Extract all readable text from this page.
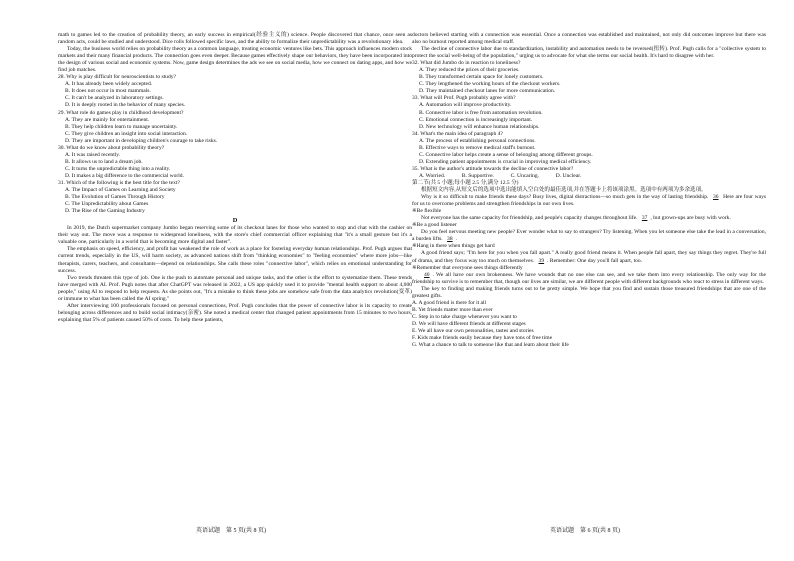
math to games led to the creation of probability theory, an early success in empirical(经验主义的) science. People discovered that chance, once seen as random acts, could be studied and understood. Dice rolls followed specific laws, and the ability to formalize their unpredictability was a revolutionary idea.

Today, the business world relies on probability theory as a common language, treating economic ventures like bets. This approach influences modern stock markets and their many financial products. The connection goes even deeper. Because games effectively shape our behaviors, they have been incorporated into the design of various social and economic systems. Now, game design determines the ads we see on social media, how we connect on dating apps, and how we find job matches.

28. Why is play difficult for neuroscientists to study?

A. It has already been widely accepted.

B. It does not occur in most mammals.

C. It can't be analyzed in laboratory settings.

D. It is deeply rooted in the behavior of many species.

29. What role do games play in childhood development?

A. They are mainly for entertainment.

B. They help children learn to manage uncertainty.

C. They give children an insight into social interaction.

D. They are important in developing children's courage to take risks.

30. What do we know about probability theory?

A. It was raised recently.

B. It allows us to land a dream job.

C. It turns the unpredictable thing into a reality.

D. It makes a big difference to the commercial world.

31. Which of the following is the best title for the text?

A. The Impact of Games on Learning and Society

B. The Evolution of Games Through History

C. The Unpredictability about Games

D. The Rise of the Gaming Industry

D

In 2019, the Dutch supermarket company Jumbo began reserving some of its checkout lanes for those who wanted to stop and chat with the cashier on their way out. The move was a response to widespread loneliness, with the store's chief commercial officer explaining that "it's a small gesture but it's a valuable one, particularly in a world that is becoming more digital and faster".

The emphasis on speed, efficiency, and profit has weakened the role of work as a place for fostering everyday human relationships. Prof. Pugh argues that current trends, especially in the US, will harm society, as advanced nations shift from "thinking economies" to "feeling economies" where more jobs—like therapists, carers, teachers, and consultants—depend on relationships. She calls these roles "connective labor", which relies on emotional understanding for success.

Two trends threaten this type of job. One is the push to automate personal and unique tasks, and the other is the effort to systematize them. These trends have merged with AI. Prof. Pugh notes that after ChatGPT was released in 2022, a US app quickly used it to provide "mental health support to about 4,000 people," using AI to respond to help requests. As she points out, "It's a mistake to think these jobs are somehow safe from the data analytics revolution(变革) or immune to what has been called the AI spring."

After interviewing 100 professionals focused on personal connections, Prof. Pugh concludes that the power of connective labor is its capacity to create belonging across differences and to build social intimacy(亲密). She noted a medical center that changed patient appointments from 15 minutes to two hours, explaining that 5% of patients caused 50% of costs. To help these patients,

doctors believed starting with a connection was essential. Once a connection was established and maintained, not only did outcomes improve but there was also no burnout reported among medical staff.

The decline of connective labor due to standardization, instability and automation needs to be reversed(扭转). Prof. Pugh calls for a "collective system to protect the social well-being of the population," urging us to advocate for what she terms our social health. It's hard to disagree with her.

32. What did Jumbo do in reaction to loneliness?

A. They reduced the prices of their groceries.

B. They transformed certain space for lonely customers.

C. They lengthened the working hours of the checkout workers.

D. They maintained checkout lanes for more communication.

33. What will Prof. Pugh probably agree with?

A. Automation will improve productivity.

B. Connective labor is free from automation revolution.

C. Emotional connection is increasingly important.

D. New technology will enhance human relationships.

34. What's the main idea of paragraph 4?

A. The process of establishing personal connections.

B. Effective ways to remove medical staff's burnout.

C. Connective labor helps create a sense of belonging among different groups.

D. Extending patient appointments is crucial in improving medical efficiency.

35. What is the author's attitude towards the decline of connective labor?

A. Worried.　　　B. Supportive.　　　C. Uncaring.　　　D. Unclear.

第二节(共 5 小题;每小题 2.5 分,满分 12.5 分)

根据短文内容,从短文后的选项中选出能填入空白处的最佳选项,并在答题卡上将该项涂黑。选项中有两项为多余选项。

Why is it so difficult to make friends these days? Busy lives, digital distractions—so much gets in the way of lasting friendship. 36 Here are four ways for us to overcome problems and strengthen friendships in our own lives.

※Be flexible

Not everyone has the same capacity for friendship, and people's capacity changes throughout life. 37 , but grown-ups are busy with work.

※Be a good listener

Do you feel nervous meeting new people? Ever wonder what to say to strangers? Try listening. When you let someone else take the lead in a conversation, a burden lifts. 38 .

※Hang in there when things get hard

A good friend says; "I'm here for you when you fall apart." A really good friend means it. When people fall apart, they say things they regret. They're full of drama, and they focus way too much on themselves. 39 . Remember: One day you'll fall apart, too.

※Remember that everyone sees things differently

40 . We all have our own brokenness. We have wounds that no one else can see, and we take them into every relationship. The only way for the friendship to survive is to remember that, though our lives are similar, we are different people with different backgrounds who react to stress in different ways.

The key to finding and making friends turns out to be pretty simple. We hope that you find and sustain those treasured friendships that are one of the greatest gifts.

A. A good friend is there for it all

B. Yet friends matter more than ever

C. Step in to take charge whenever you want to

D. We will have different friends at different stages

E. We all have our own personalities, tastes and stories

F. Kids make friends easily because they have tons of free time

G. What a chance to talk to someone like that and learn about their life

英语试题　第 5 页(共 8 页)	英语试题　第 6 页(共 8 页)
